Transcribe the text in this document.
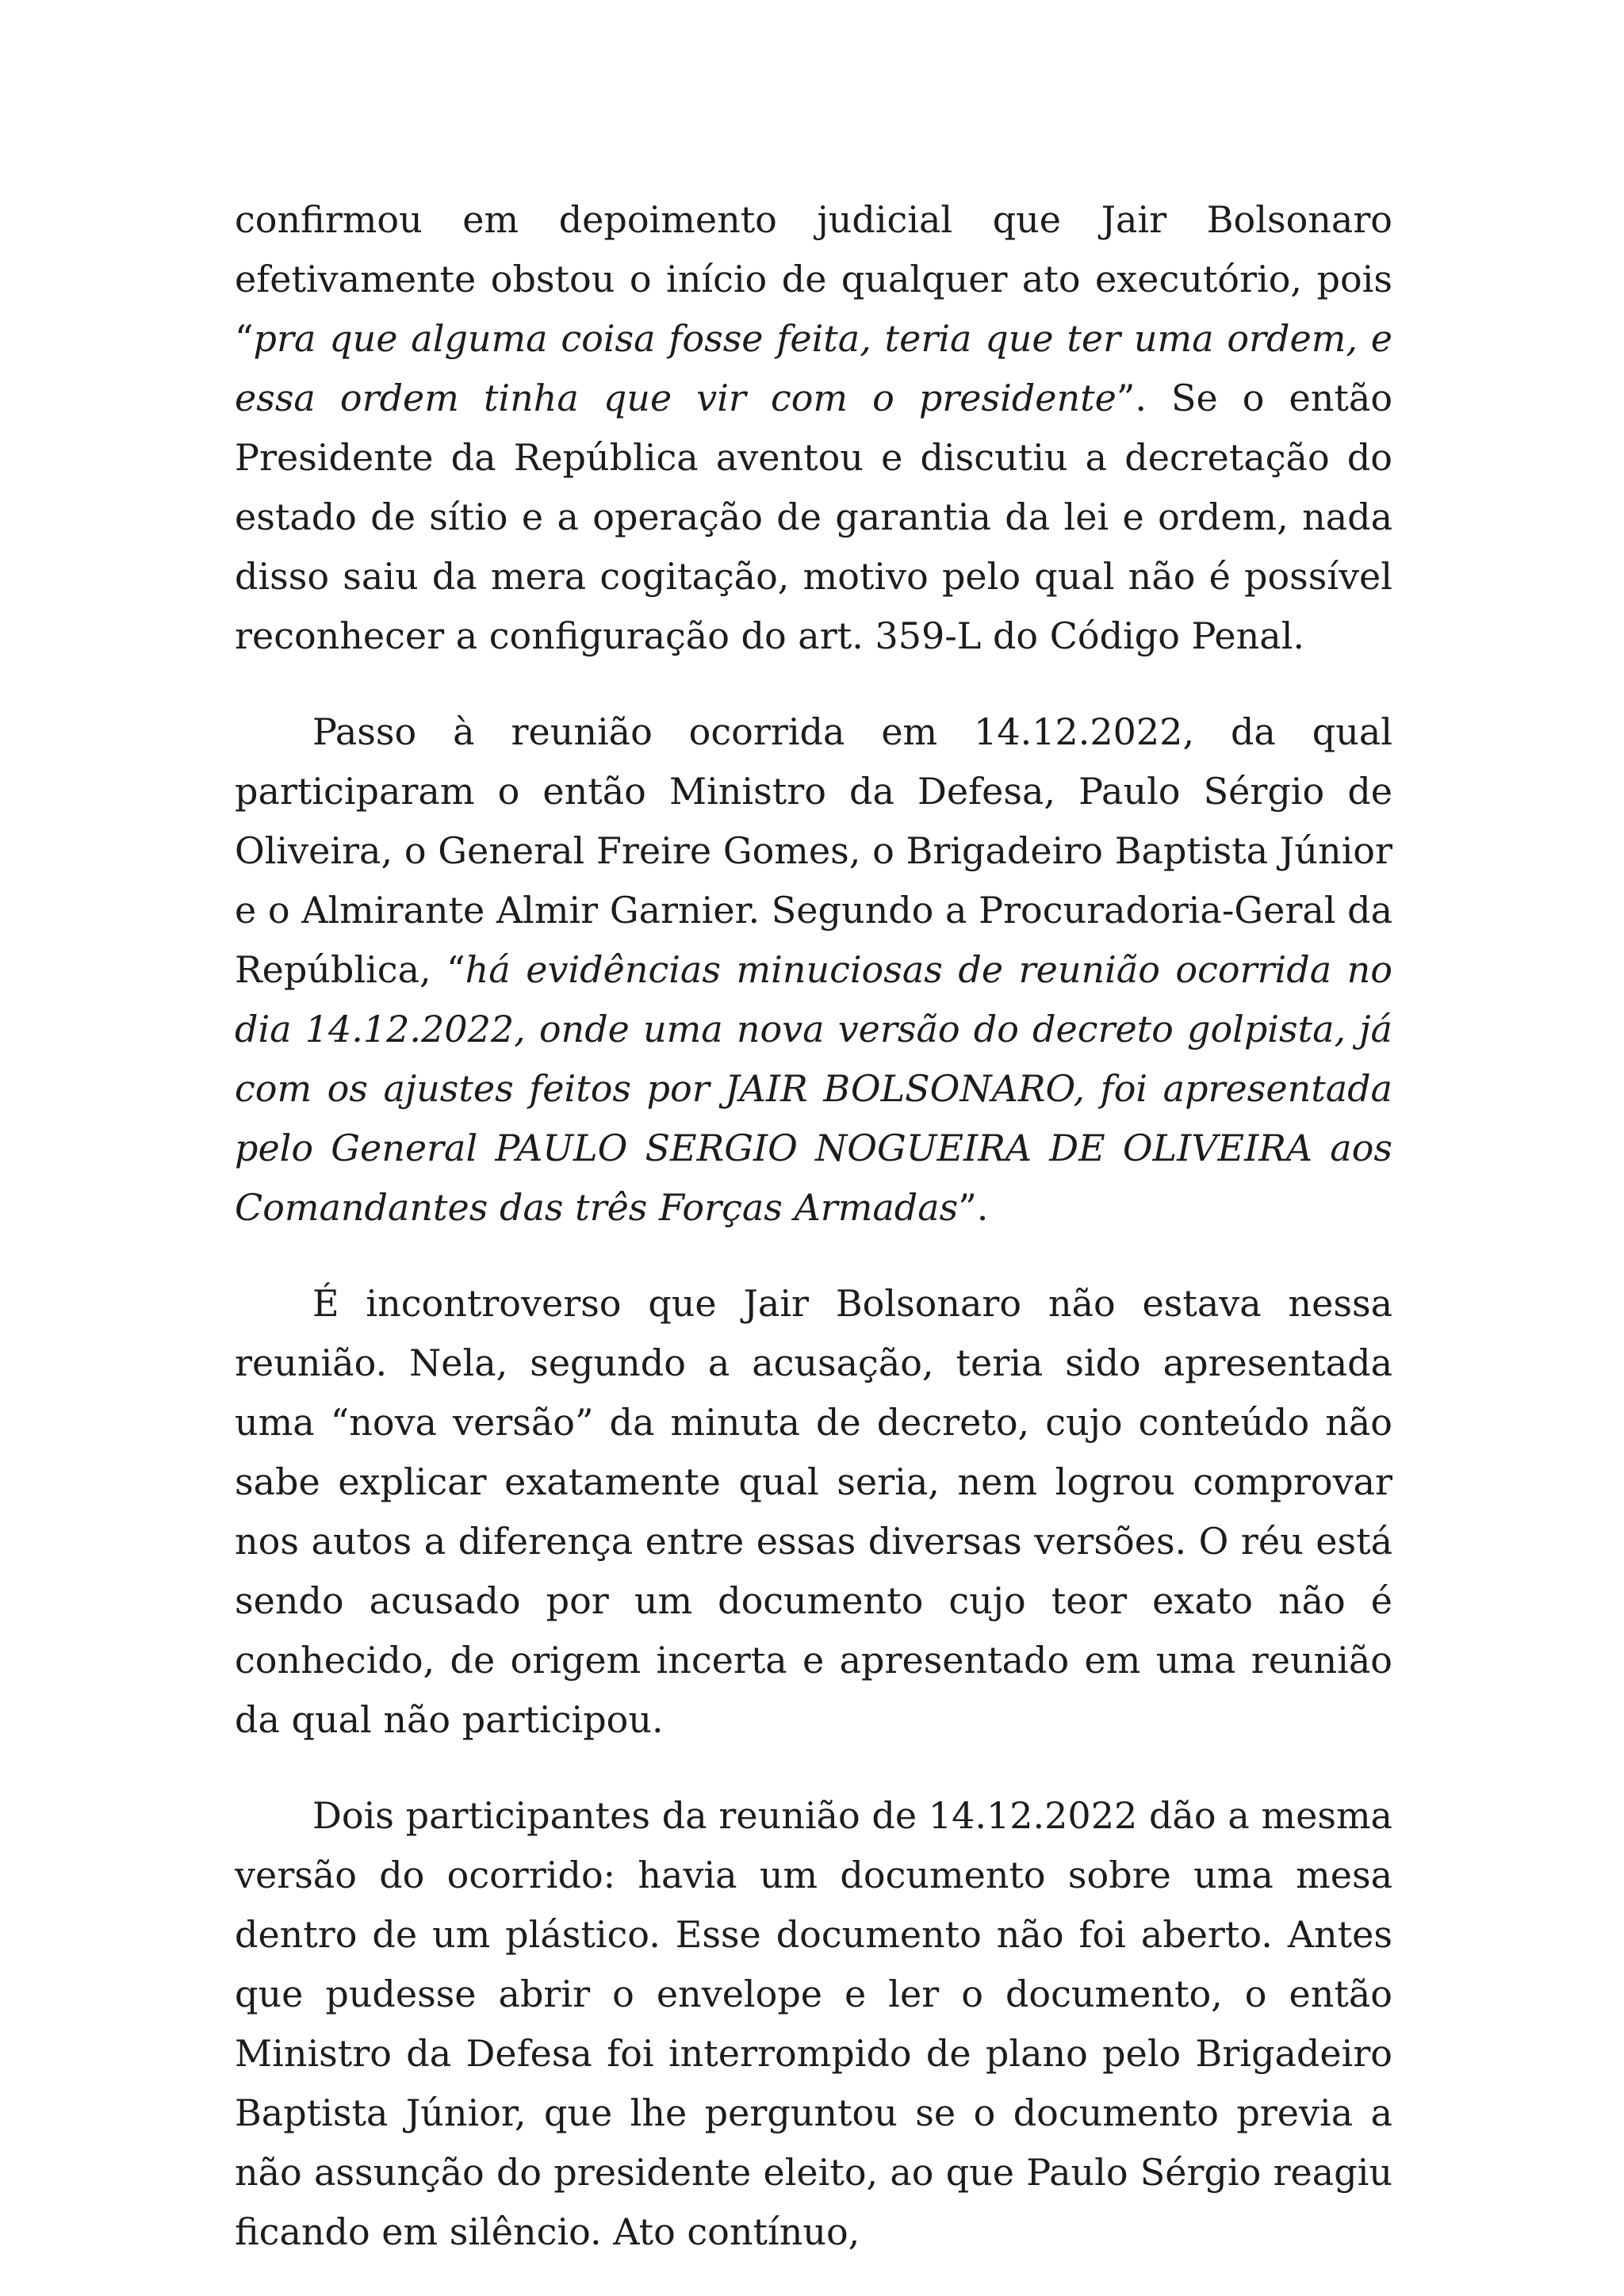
confirmou em depoimento judicial que Jair Bolsonaro efetivamente obstou o início de qualquer ato executório, pois “pra que alguma coisa fosse feita, teria que ter uma ordem, e essa ordem tinha que vir com o presidente”. Se o então Presidente da República aventou e discutiu a decretação do estado de sítio e a operação de garantia da lei e ordem, nada disso saiu da mera cogitação, motivo pelo qual não é possível reconhecer a configuração do art. 359-L do Código Penal.

Passo à reunião ocorrida em 14.12.2022, da qual participaram o então Ministro da Defesa, Paulo Sérgio de Oliveira, o General Freire Gomes, o Brigadeiro Baptista Júnior e o Almirante Almir Garnier. Segundo a Procuradoria-Geral da República, “há evidências minuciosas de reunião ocorrida no dia 14.12.2022, onde uma nova versão do decreto golpista, já com os ajustes feitos por JAIR BOLSONARO, foi apresentada pelo General PAULO SERGIO NOGUEIRA DE OLIVEIRA aos Comandantes das três Forças Armadas”.

É incontroverso que Jair Bolsonaro não estava nessa reunião. Nela, segundo a acusação, teria sido apresentada uma “nova versão” da minuta de decreto, cujo conteúdo não sabe explicar exatamente qual seria, nem logrou comprovar nos autos a diferença entre essas diversas versões. O réu está sendo acusado por um documento cujo teor exato não é conhecido, de origem incerta e apresentado em uma reunião da qual não participou.

Dois participantes da reunião de 14.12.2022 dão a mesma versão do ocorrido: havia um documento sobre uma mesa dentro de um plástico. Esse documento não foi aberto. Antes que pudesse abrir o envelope e ler o documento, o então Ministro da Defesa foi interrompido de plano pelo Brigadeiro Baptista Júnior, que lhe perguntou se o documento previa a não assunção do presidente eleito, ao que Paulo Sérgio reagiu ficando em silêncio. Ato contínuo,
